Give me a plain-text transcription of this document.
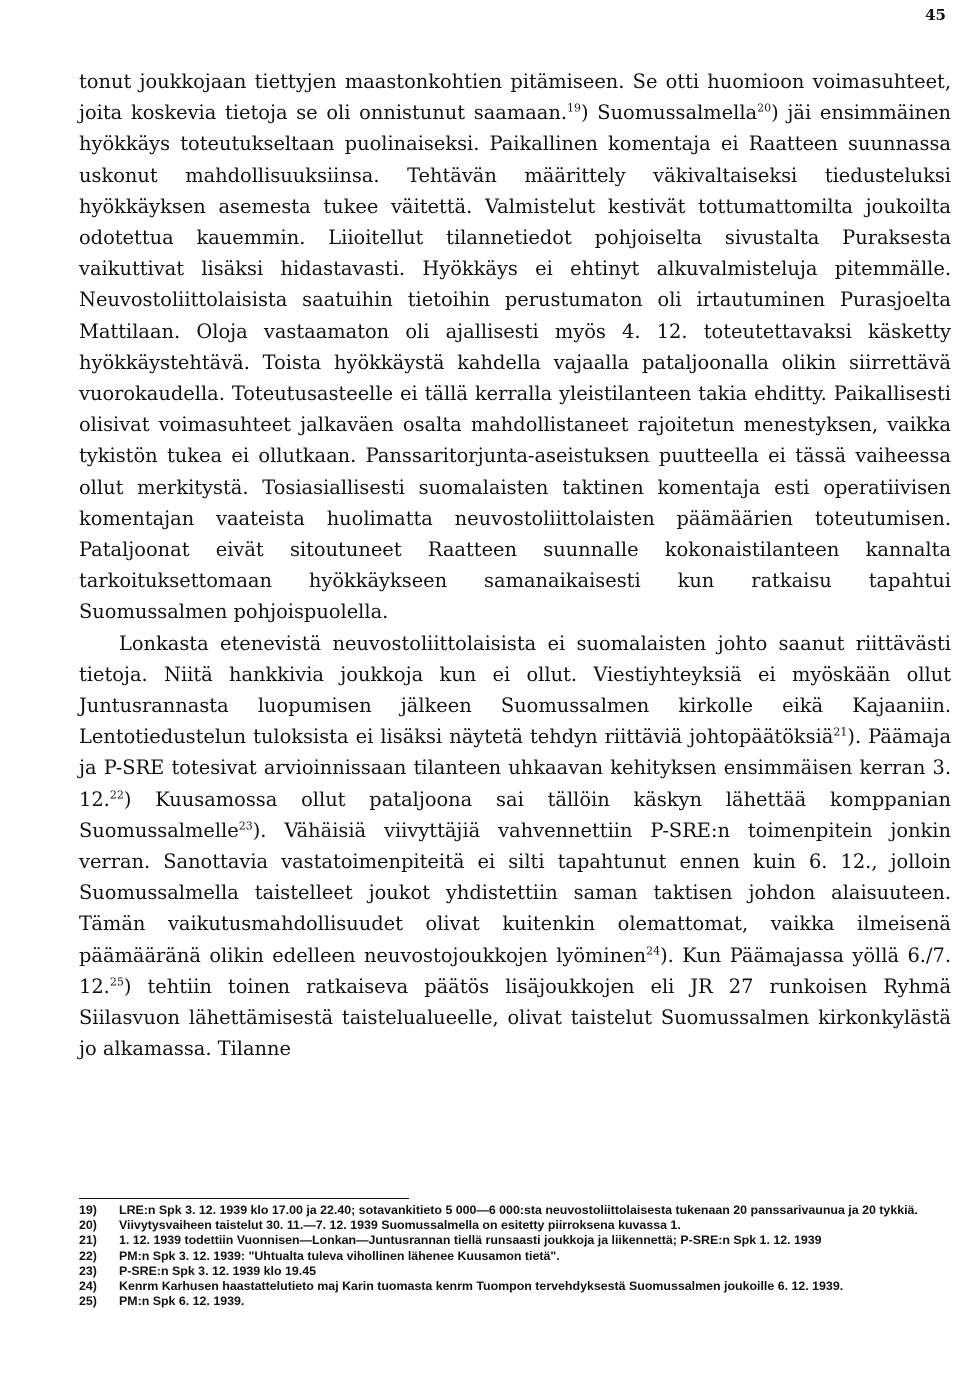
45

tonut joukkojaan tiettyjen maastonkohtien pitämiseen. Se otti huomioon voimasuhteet, joita koskevia tietoja se oli onnistunut saamaan.$^{19}$) Suomussalmella$^{20}$) jäi ensimmäinen hyökkäys toteutukseltaan puolinaiseksi. Paikallinen komentaja ei Raatteen suunnassa uskonut mahdollisuuksiinsa. Tehtävän määrittely väkivaltaiseksi tiedusteluksi hyökkäyksen asemesta tukee väitettä. Valmistelut kestivät tottumattomilta joukoilta odotettua kauemmin. Liioitellut tilannetiedot pohjoiselta sivustalta Puraksesta vaikuttivat lisäksi hidastavasti. Hyökkäys ei ehtinyt alkuvalmisteluja pitemmälle. Neuvostoliittolaisista saatuihin tietoihin perustumaton oli irtautuminen Purasjoelta Mattilaan. Oloja vastaamaton oli ajallisesti myös 4. 12. toteutettavaksi käsketty hyökkäystehtävä. Toista hyökkäystä kahdella vajaalla pataljoonalla olikin siirrettävä vuorokaudella. Toteutusasteelle ei tällä kerralla yleistilanteen takia ehditty. Paikallisesti olisivat voimasuhteet jalkaväen osalta mahdollistaneet rajoitetun menestyksen, vaikka tykistön tukea ei ollutkaan. Panssaritorjunta-aseistuksen puutteella ei tässä vaiheessa ollut merkitystä. Tosiasiallisesti suomalaisten taktinen komentaja esti operatiivisen komentajan vaateista huolimatta neuvostoliittolaisten päämäärien toteutumisen. Pataljoonat eivät sitoutuneet Raatteen suunnalle kokonaistilanteen kannalta tarkoituksettomaan hyökkäykseen samanaikaisesti kun ratkaisu tapahtui Suomussalmen pohjoispuolella.

Lonkasta etenevistä neuvostoliittolaisista ei suomalaisten johto saanut riittävästi tietoja. Niitä hankkivia joukkoja kun ei ollut. Viestiyhteyksiä ei myöskään ollut Juntusrannasta luopumisen jälkeen Suomussalmen kirkolle eikä Kajaaniin. Lentotiedustelun tuloksista ei lisäksi näytetä tehdyn riittäviä johtopäätöksiä$^{21}$). Päämaja ja P-SRE totesivat arvioinnissaan tilanteen uhkaavan kehityksen ensimmäisen kerran 3. 12.22) Kuusamossa ollut pataljoona sai tällöin käskyn lähettää komppanian Suomussalmelle$^{23}$). Vähäisiä viivyttäjiä vahvennettiin P-SRE:n toimenpitein jonkin verran. Sanottavia vastatoimenpiteitä ei silti tapahtunut ennen kuin 6. 12., jolloin Suomussalmella taistelleet joukot yhdistettiin saman taktisen johdon alaisuuteen. Tämän vaikutusmahdollisuudet olivat kuitenkin olemattomat, vaikka ilmeisenä päämääränä olikin edelleen neuvostojoukkojen lyöminen$^{24}$). Kun Päämajassa yöllä 6./7. 12.25) tehtiin toinen ratkaiseva päätös lisäjoukkojen eli JR 27 runkoisen Ryhmä Siilasvuon lähettämisestä taistelualueelle, olivat taistelut Suomussalmen kirkonkylästä jo alkamassa. Tilanne

19)	LRE:n Spk 3. 12. 1939 klo 17.00 ja 22.40; sotavankitieto 5 000—6 000:sta neuvostoliittolaisesta tukenaan 20 panssarivaunua ja 20 tykkiä.
20)	Viivytysvaiheen taistelut 30. 11.—7. 12. 1939 Suomussalmella on esitetty piirroksena kuvassa 1.
21)	1. 12. 1939 todettiin Vuonnisen—Lonkan—Juntusrannan tiellä runsaasti joukkoja ja liikennettä; P-SRE:n Spk 1. 12. 1939
22)	PM:n Spk 3. 12. 1939: "Uhtualta tuleva vihollinen lähenee Kuusamon tietä".
23)	P-SRE:n Spk 3. 12. 1939 klo 19.45
24)	Kenrm Karhusen haastattelutieto maj Karin tuomasta kenrm Tuompon tervehdyksestä Suomussalmen joukoille 6. 12. 1939.
25)	PM:n Spk 6. 12. 1939.
